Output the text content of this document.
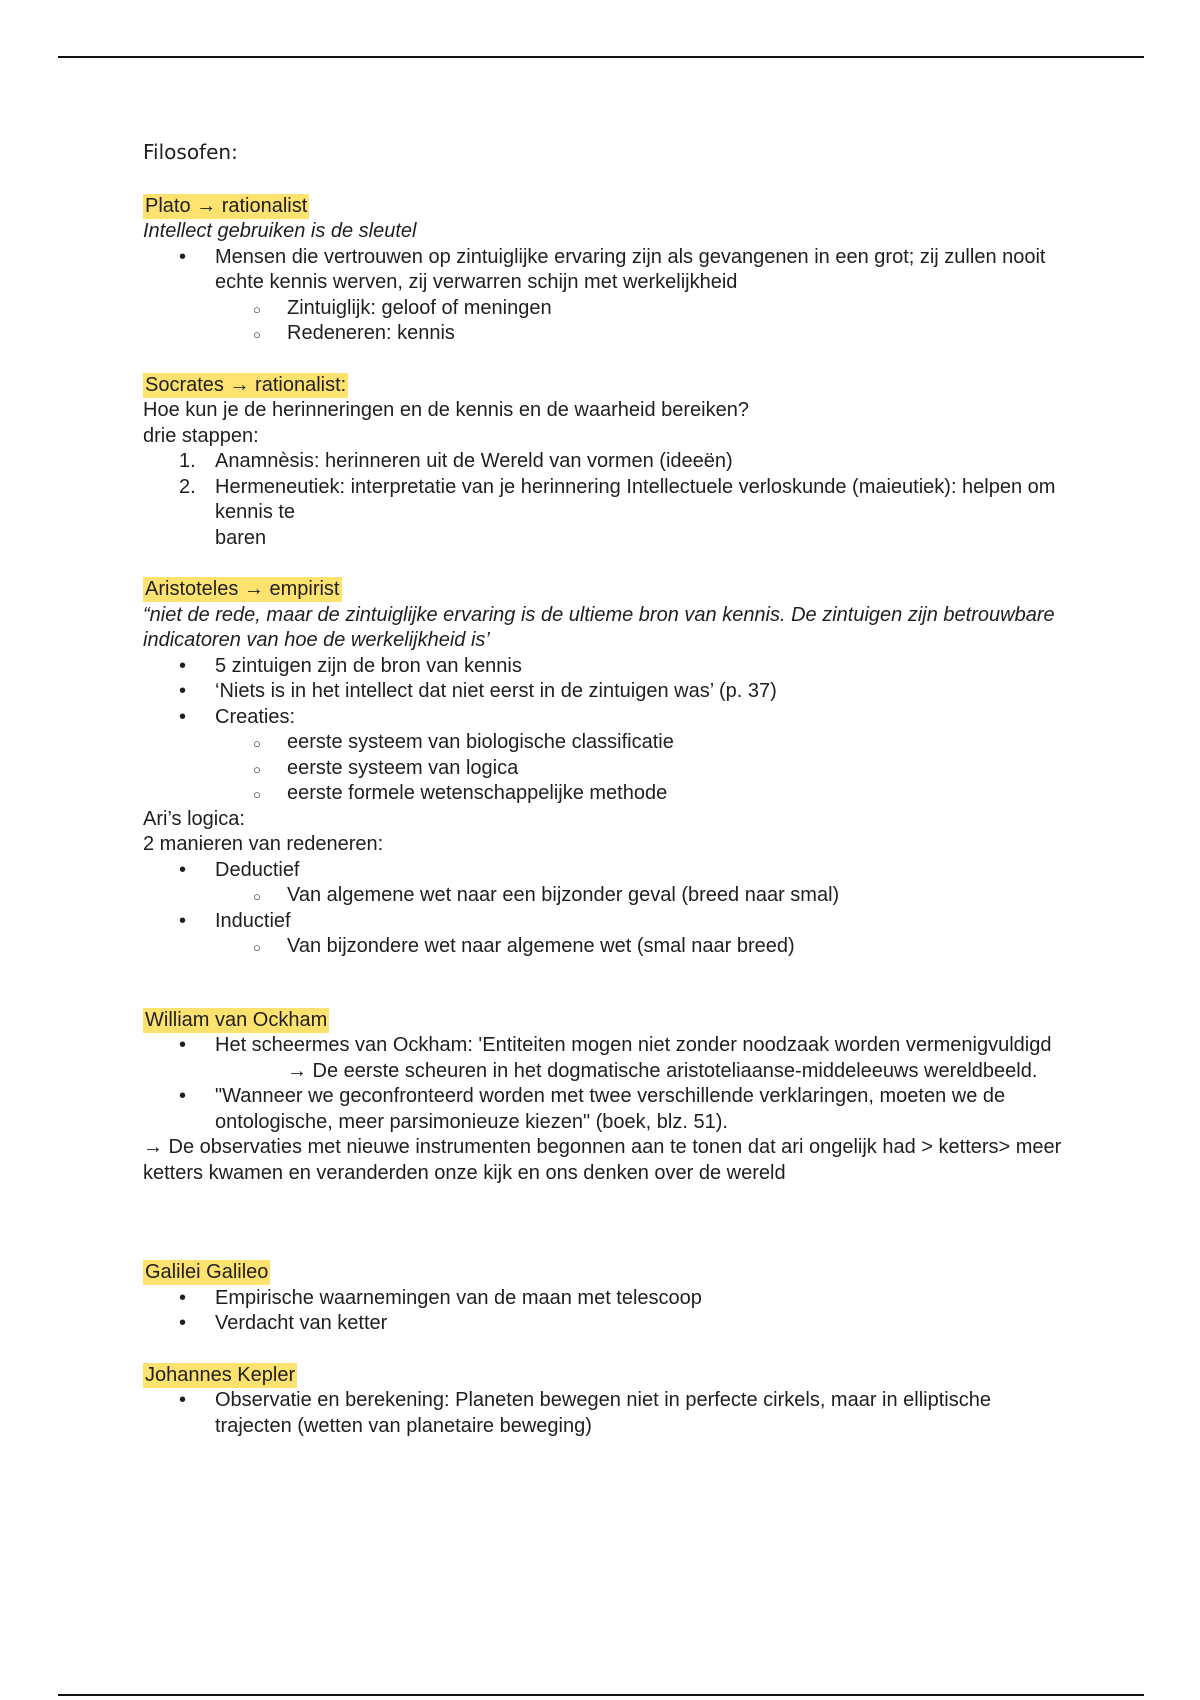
Filosofen:

Plato → rationalist

Intellect gebruiken is de sleutel

• Mensen die vertrouwen op zintuiglijke ervaring zijn als gevangenen in een grot; zij zullen nooit echte kennis werven, zij verwarren schijn met werkelijkheid
○ Zintuiglijk: geloof of meningen
○ Redeneren: kennis
Socrates → rationalist:

Hoe kun je de herinneringen en de kennis en de waarheid bereiken?

drie stappen:

1. Anamnèsis: herinneren uit de Wereld van vormen (ideeën)
2. Hermeneutiek: interpretatie van je herinnering Intellectuele verloskunde (maieutiek): helpen om kennis te
baren
Aristoteles → empirist

“niet de rede, maar de zintuiglijke ervaring is de ultieme bron van kennis. De zintuigen zijn betrouwbare indicatoren van hoe de werkelijkheid is’

• 5 zintuigen zijn de bron van kennis
• ‘Niets is in het intellect dat niet eerst in de zintuigen was’ (p. 37)
• Creaties:
○ eerste systeem van biologische classificatie
○ eerste systeem van logica
○ eerste formele wetenschappelijke methode

Ari’s logica:

2 manieren van redeneren:

• Deductief
○ Van algemene wet naar een bijzonder geval (breed naar smal)
• Inductief
○ Van bijzondere wet naar algemene wet (smal naar breed)
William van Ockham
• Het scheermes van Ockham: 'Entiteiten mogen niet zonder noodzaak worden vermenigvuldigd
→ De eerste scheuren in het dogmatische aristoteliaanse-middeleeuws wereldbeeld.
• "Wanneer we geconfronteerd worden met twee verschillende verklaringen, moeten we de ontologische, meer parsimonieuze kiezen" (boek, blz. 51).

→ De observaties met nieuwe instrumenten begonnen aan te tonen dat ari ongelijk had > ketters> meer ketters kwamen en veranderden onze kijk en ons denken over de wereld

Galilei Galileo
• Empirische waarnemingen van de maan met telescoop
• Verdacht van ketter
Johannes Kepler
• Observatie en berekening: Planeten bewegen niet in perfecte cirkels, maar in elliptische trajecten (wetten van planetaire beweging)
